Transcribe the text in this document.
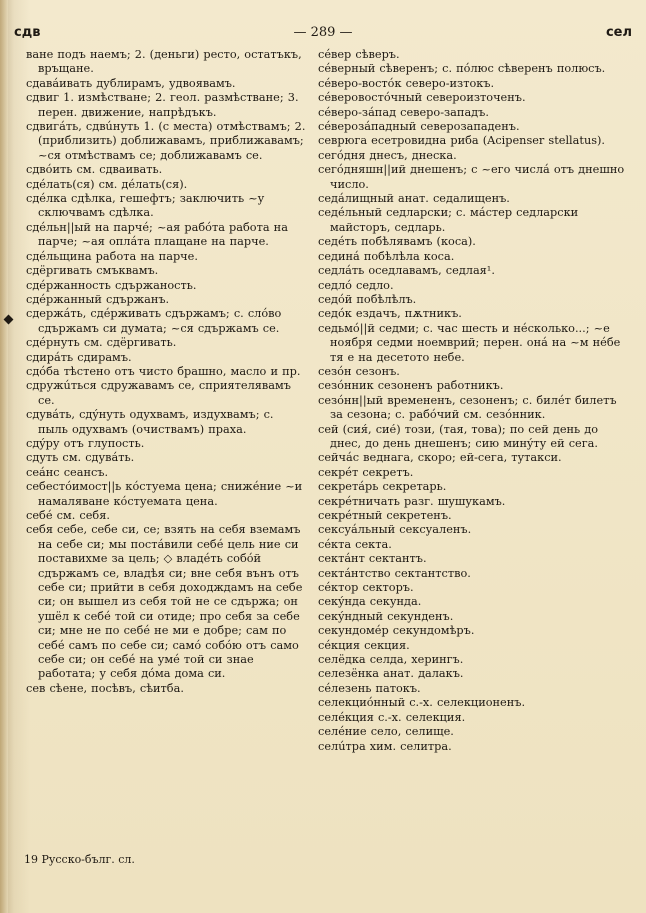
сдв	— 289 —	сел

ване подъ наемъ; 2. (деньги) ресто, остатъкъ, връщане.

сдавáивать дублирамъ, удвоявамъ.

сдвиг 1. измѣстване; 2. геол. размѣстване; 3. перен. движение, напрѣдъкъ.

сдвигáть, сдвúнуть 1. (с места) отмѣствамъ; 2. (приблизить) доближавамъ, приближавамъ; ~ся отмѣствамъ се; доближавамъ се.

сдвóить см. сдваивать.

сдéлать(ся) см. дéлать(ся).

сдéлка сдѣлка, гешефтъ; заключить ~у сключвамъ сдѣлка.

сдéльн||ый на парчé; ~ая рабóта работа на парче; ~ая оплáта плащане на парче.

сдéльщина работа на парче.

сдёргивать смъквамъ.

сдéржанность сдържаность.

сдéржанный сдържанъ.

сдержáть, сдéрживать сдържамъ; с. слóво сдържамъ си думата; ~ся сдържамъ се.

сдéрнуть см. сдёргивать.

сдирáть сдирамъ.

сдóба тѣстено отъ чисто брашно, масло и пр.

сдружúться сдружавамъ се, сприятелявамъ се.

сдувáть, сдýнуть одухвамъ, издухвамъ; с. пыль одухвамъ (очиствамъ) праха.

сдýру отъ глупость.

сдуть см. сдувáть.

сеáнс сеансъ.

себестóимост||ь кóстуема цена; снижéние ~и намаляване кóстуемата цена.

себé см. себя.

себя себе, себе си, се; взять на себя вземамъ на себе си; мы постáвили себé цель ние си поставихме за цель; ◇ владéть собóй сдържамъ се, владѣя си; вне себя вънъ отъ себе си; прийти в себя доходждамъ на себе си; он вышел из себя той не се сдържа; он ушёл к себé той си отиде; про себя за себе си; мне не по себé не ми е добре; сам по себé самъ по себе си; самó собóю отъ само себе си; он себé на умé той си знае работата; у себя дóма дома си.

сев сѣене, посѣвъ, сѣитба.

сéвер сѣверъ.

сéверный сѣверенъ; с. пóлюс сѣверенъ полюсъ.

сéверо-востóк северо-изтокъ.

сéверовостóчный североизточенъ.

сéверо-зáпад северо-западъ.

сéверозáпадный северозападенъ.

севрюга есетровидна риба (Acipenser stellatus).

сегóдня днесъ, днеска.

сегóдняшн||ий днешенъ; с ~его числá отъ днешно число.

седáлищный анат. седалищенъ.

седéльный седларски; с. мáстер седларски майсторъ, седларь.

седéть побѣлявамъ (коса).

сединá побѣлѣла коса.

седлáть оседлавамъ, седлая¹.

седлó седло.

седóй побѣлѣлъ.

седóк ездачъ, пѫтникъ.

седьмó||й седми; с. час шесть и нéсколько...; ~е ноября седми ноемврий; перен. онá на ~м нéбе тя е на десетото небе.

сезóн сезонъ.

сезóнник сезоненъ работникъ.

сезóнн||ый времененъ, сезоненъ; с. билéт билетъ за сезона; с. рабóчий см. сезóнник.

сей (сия́, сие́) този, (тая, това); по сей день до днес, до день днешенъ; сию минýту ей сега.

сейчáс веднага, скоро; ей-сега, тутакси.

секрéт секретъ.

секретáрь секретарь.

секрéтничать разг. шушукамъ.

секрéтный секретенъ.

сексуáльный сексуаленъ.

сéкта секта.

сектáнт сектантъ.

сектáнтство сектантство.

сéктор секторъ.

секýнда секунда.

секýндный секунденъ.

секундомéр секундомѣръ.

сéкция секция.

селёдка селда, херингъ.

селезёнка анат. далакъ.

сéлезень патокъ.

селекциóнный с.-х. селекционенъ.

селéкция с.-х. селекция.

селéние село, селище.

селúтра хим. селитра.

19 Русско-бълг. сл.
